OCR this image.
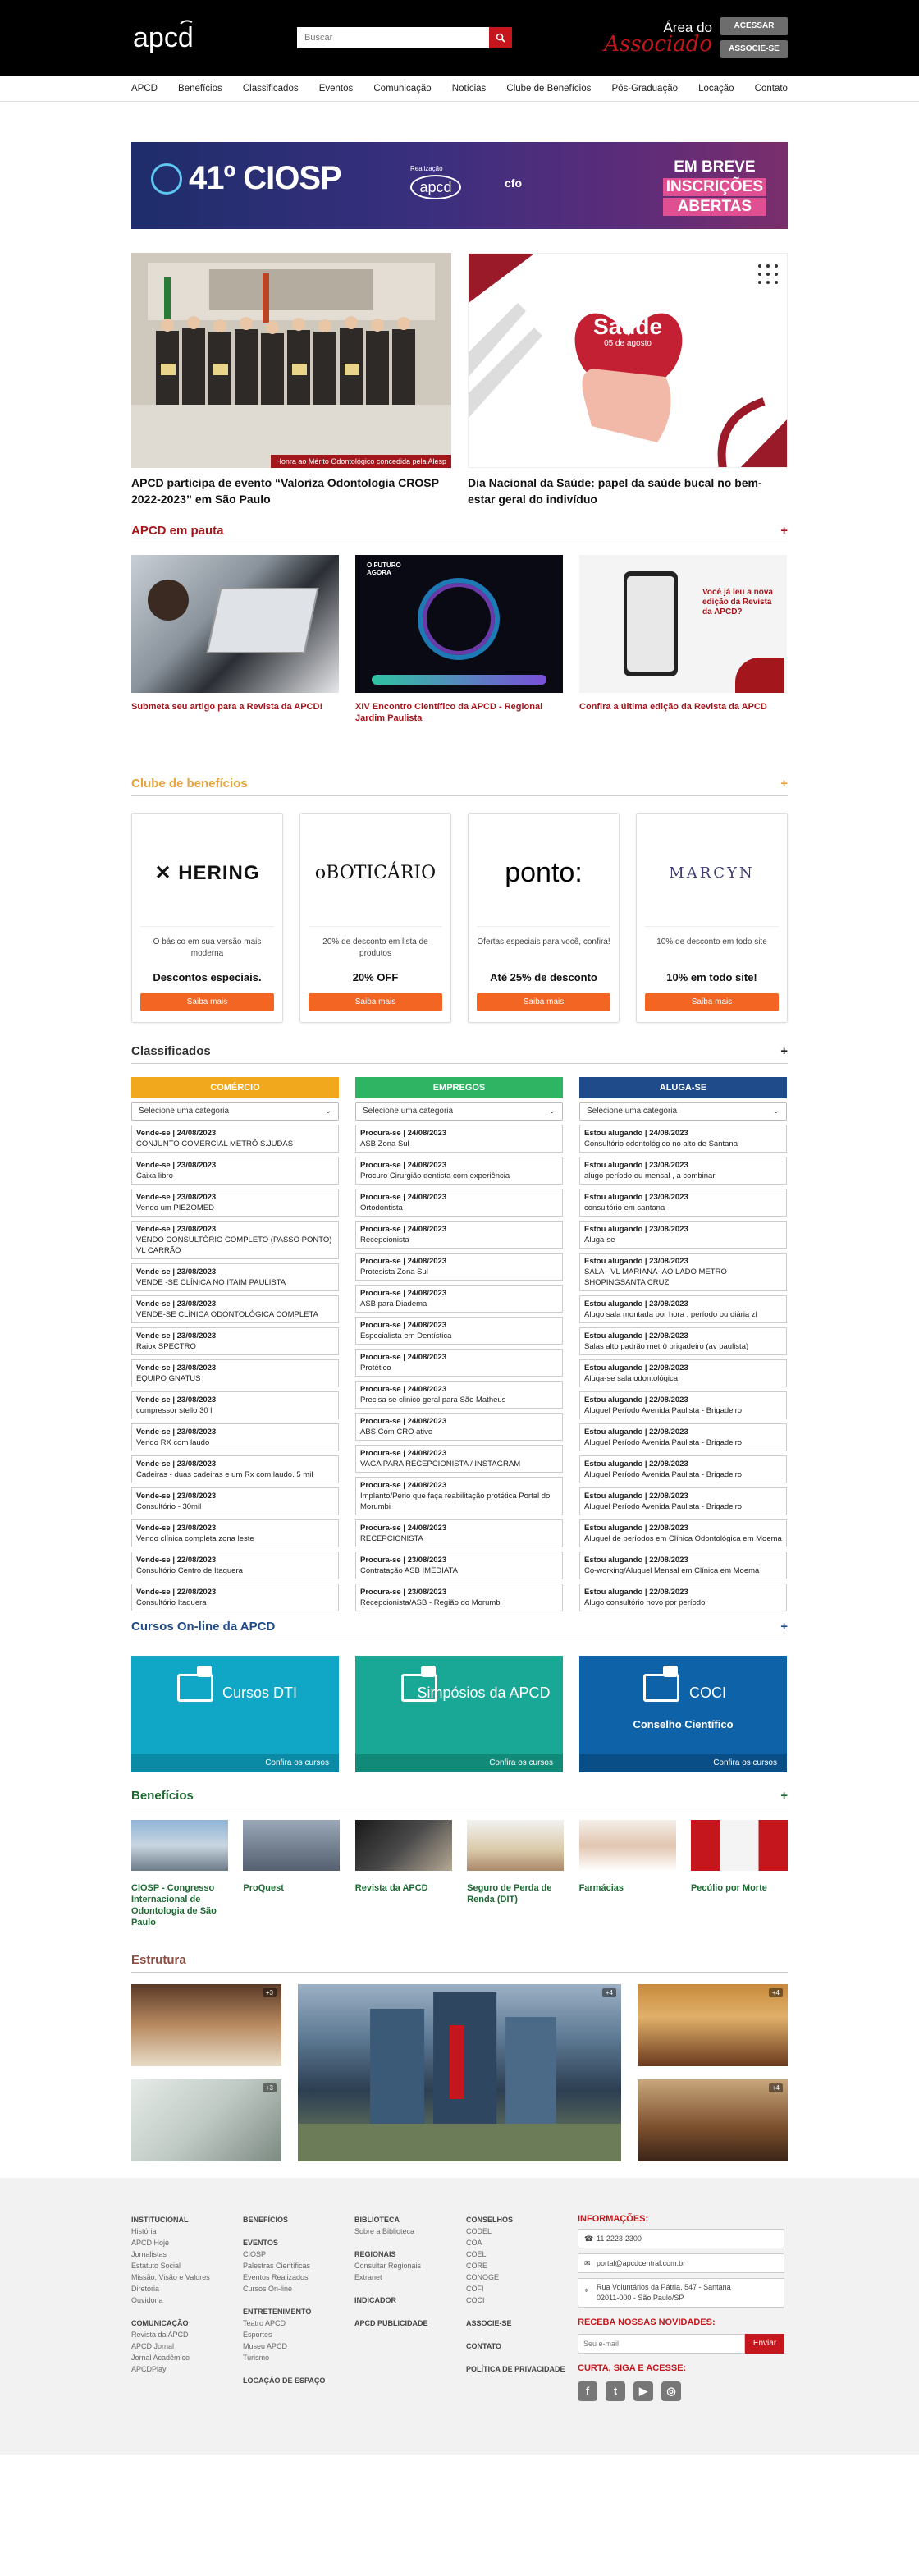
apcd
Buscar	Área do
Associado
ACESSAR
ASSOCIE-SE
APCD Benefícios Classificados Eventos Comunicação Notícias Clube de Benefícios Pós-Graduação Locação Contato
41º CIOSP	Realização
apcd	cfo
EM BREVE
INSCRIÇÕES
ABERTAS
Honra ao Mérito Odontológico concedida pela Alesp
APCD participa de evento “Valoriza Odontologia CROSP 2022-2023” em São Paulo
Dia Nacional da
Saúde
05 de agosto
Dia Nacional da Saúde: papel da saúde bucal no bem-estar geral do indivíduo
APCD em pauta	+

Submeta seu artigo para a Revista da APCD!

O FUTURO AGORA

XIV Encontro Científico da APCD - Regional Jardim Paulista

Você já leu a nova edição da Revista da APCD?

Confira a última edição da Revista da APCD

Clube de benefícios	+
✕ HERING
O básico em sua versão mais moderna
Descontos especiais.
Saiba mais
oBOTICÁRIO
20% de desconto em lista de produtos
20% OFF
Saiba mais
ponto:
Ofertas especiais para você, confira!
Até 25% de desconto
Saiba mais
MARCYN
10% de desconto em todo site
10% em todo site!
Saiba mais
Classificados	+
COMÉRCIO
Selecione uma categoria	⌄
Vende-se | 24/08/2023
CONJUNTO COMERCIAL METRÔ S.JUDAS
Vende-se | 23/08/2023
Caixa libro
Vende-se | 23/08/2023
Vendo um PIEZOMED
Vende-se | 23/08/2023
VENDO CONSULTÓRIO COMPLETO (PASSO PONTO) VL CARRÃO
Vende-se | 23/08/2023
VENDE -SE CLÍNICA NO ITAIM PAULISTA
Vende-se | 23/08/2023
VENDE-SE CLÍNICA ODONTOLÓGICA COMPLETA
Vende-se | 23/08/2023
Raiox SPECTRO
Vende-se | 23/08/2023
EQUIPO GNATUS
Vende-se | 23/08/2023
compressor stello 30 l
Vende-se | 23/08/2023
Vendo RX com laudo
Vende-se | 23/08/2023
Cadeiras - duas cadeiras e um Rx com laudo. 5 mil
Vende-se | 23/08/2023
Consultório - 30mil
Vende-se | 23/08/2023
Vendo clínica completa zona leste
Vende-se | 22/08/2023
Consultório Centro de Itaquera
Vende-se | 22/08/2023
Consultório Itaquera
EMPREGOS
Selecione uma categoria	⌄
Procura-se | 24/08/2023
ASB Zona Sul
Procura-se | 24/08/2023
Procuro Cirurgião dentista com experiência
Procura-se | 24/08/2023
Ortodontista
Procura-se | 24/08/2023
Recepcionista
Procura-se | 24/08/2023
Protesista Zona Sul
Procura-se | 24/08/2023
ASB para Diadema
Procura-se | 24/08/2023
Especialista em Dentística
Procura-se | 24/08/2023
Protético
Procura-se | 24/08/2023
Precisa se clinico geral para São Matheus
Procura-se | 24/08/2023
ABS Com CRO ativo
Procura-se | 24/08/2023
VAGA PARA RECEPCIONISTA / INSTAGRAM
Procura-se | 24/08/2023
Implanto/Perio que faça reabilitação protética Portal do Morumbi
Procura-se | 24/08/2023
RECEPCIONISTA
Procura-se | 23/08/2023
Contratação ASB IMEDIATA
Procura-se | 23/08/2023
Recepcionista/ASB - Região do Morumbi
ALUGA-SE
Selecione uma categoria	⌄
Estou alugando | 24/08/2023
Consultório odontológico no alto de Santana
Estou alugando | 23/08/2023
alugo período ou mensal , a combinar
Estou alugando | 23/08/2023
consultório em santana
Estou alugando | 23/08/2023
Aluga-se
Estou alugando | 23/08/2023
SALA - VL MARIANA- AO LADO METRO SHOPINGSANTA CRUZ
Estou alugando | 23/08/2023
Alugo sala montada por hora , período ou diária zl
Estou alugando | 22/08/2023
Salas alto padrão metrô brigadeiro (av paulista)
Estou alugando | 22/08/2023
Aluga-se sala odontológica
Estou alugando | 22/08/2023
Aluguel Período Avenida Paulista - Brigadeiro
Estou alugando | 22/08/2023
Aluguel Período Avenida Paulista - Brigadeiro
Estou alugando | 22/08/2023
Aluguel Período Avenida Paulista - Brigadeiro
Estou alugando | 22/08/2023
Aluguel Período Avenida Paulista - Brigadeiro
Estou alugando | 22/08/2023
Aluguel de períodos em Clínica Odontológica em Moema
Estou alugando | 22/08/2023
Co-working/Aluguel Mensal em Clínica em Moema
Estou alugando | 22/08/2023
Alugo consultório novo por período
Cursos On-line da APCD	+
Cursos DTI
Confira os cursos
Simpósios da APCD
Confira os cursos
COCI
Conselho Científico
Confira os cursos
Benefícios	+

CIOSP - Congresso Internacional de Odontologia de São Paulo

ProQuest	Revista da APCD	Seguro de Perda de Renda (DIT)

Farmácias	Pecúlio por Morte

Estrutura
+3	+4	+4
+3	+4
INSTITUCIONAL
História
APCD Hoje
Jornalistas
Estatuto Social
Missão, Visão e Valores
Diretoria
Ouvidoria
COMUNICAÇÃO
Revista da APCD
APCD Jornal
Jornal Acadêmico
APCDPlay
BENEFÍCIOS
EVENTOS
CIOSP
Palestras Científicas
Eventos Realizados
Cursos On-line
ENTRETENIMENTO
Teatro APCD
Esportes
Museu APCD
Turismo
LOCAÇÃO DE ESPAÇO
BIBLIOTECA
Sobre a Biblioteca
REGIONAIS
Consultar Regionais
Extranet
INDICADOR
APCD PUBLICIDADE
CONSELHOS
CODEL
COA
COEL
CORE
CONOGE
COFI
COCI
ASSOCIE-SE
CONTATO
POLÍTICA DE PRIVACIDADE
INFORMAÇÕES:
☎ 11 2223-2300
✉ portal@apcdcentral.com.br
⌖ Rua Voluntários da Pátria, 547 - Santana
02011-000 - São Paulo/SP
RECEBA NOSSAS NOVIDADES:
Seu e-mail
Enviar
CURTA, SIGA E ACESSE:
f	t	▶	◎
